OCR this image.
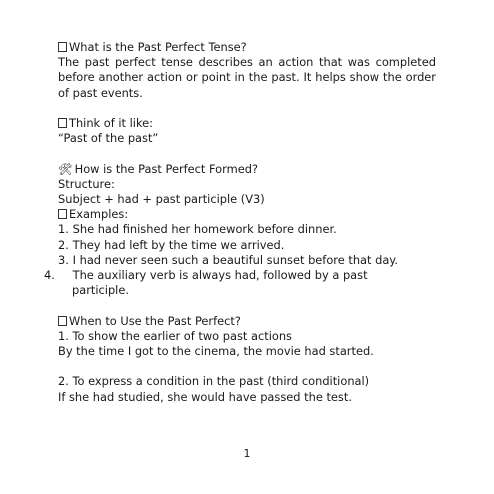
What is the Past Perfect Tense?
The past perfect tense describes an action that was completed before another action or point in the past. It helps show the order of past events.
Think of it like:
“Past of the past”
🛠 How is the Past Perfect Formed?
Structure:
Subject + had + past participle (V3)
Examples:
1. She had finished her homework before dinner.
2. They had left by the time we arrived.
3. I had never seen such a beautiful sunset before that day.
4. The auxiliary verb is always had, followed by a past participle.
When to Use the Past Perfect?
1. To show the earlier of two past actions
By the time I got to the cinema, the movie had started.
2. To express a condition in the past (third conditional)
If she had studied, she would have passed the test.
1
